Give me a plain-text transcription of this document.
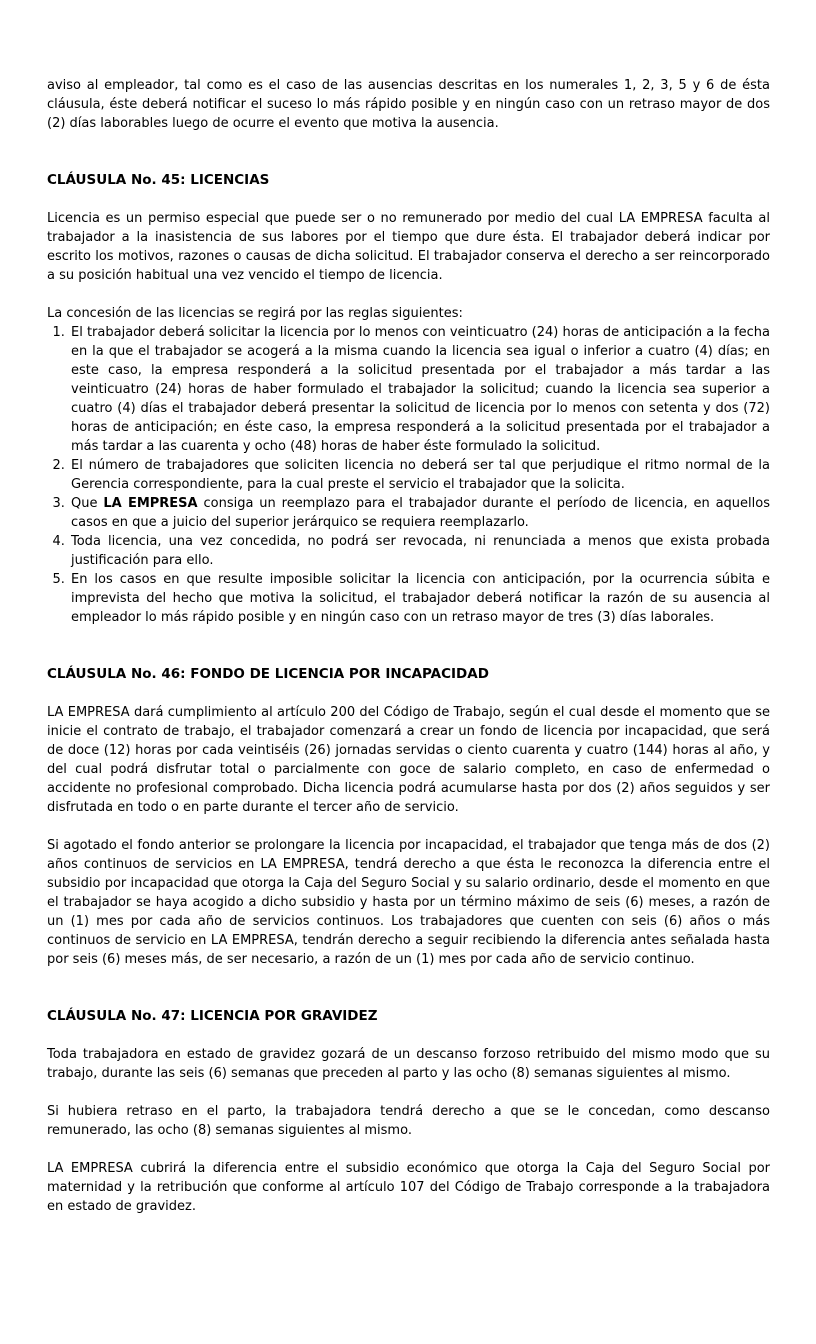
aviso al empleador, tal como es el caso de las ausencias descritas en los numerales 1, 2, 3, 5 y 6 de ésta cláusula, éste deberá notificar el suceso lo más rápido posible y en ningún caso con un retraso mayor de dos (2) días laborables luego de ocurre el evento que motiva la ausencia.

CLÁUSULA No. 45: LICENCIAS

Licencia es un permiso especial que puede ser o no remunerado por medio del cual LA EMPRESA faculta al trabajador a la inasistencia de sus labores por el tiempo que dure ésta. El trabajador deberá indicar por escrito los motivos, razones o causas de dicha solicitud. El trabajador conserva el derecho a ser reincorporado a su posición habitual una vez vencido el tiempo de licencia.

La concesión de las licencias se regirá por las reglas siguientes:

1. El trabajador deberá solicitar la licencia por lo menos con veinticuatro (24) horas de anticipación a la fecha en la que el trabajador se acogerá a la misma cuando la licencia sea igual o inferior a cuatro (4) días; en este caso, la empresa responderá a la solicitud presentada por el trabajador a más tardar a las veinticuatro (24) horas de haber formulado el trabajador la solicitud; cuando la licencia sea superior a cuatro (4) días el trabajador deberá presentar la solicitud de licencia por lo menos con setenta y dos (72) horas de anticipación; en éste caso, la empresa responderá a la solicitud presentada por el trabajador a más tardar a las cuarenta y ocho (48) horas de haber éste formulado la solicitud.
2. El número de trabajadores que soliciten licencia no deberá ser tal que perjudique el ritmo normal de la Gerencia correspondiente, para la cual preste el servicio el trabajador que la solicita.
3. Que LA EMPRESA consiga un reemplazo para el trabajador durante el período de licencia, en aquellos casos en que a juicio del superior jerárquico se requiera reemplazarlo.
4. Toda licencia, una vez concedida, no podrá ser revocada, ni renunciada a menos que exista probada justificación para ello.
5. En los casos en que resulte imposible solicitar la licencia con anticipación, por la ocurrencia súbita e imprevista del hecho que motiva la solicitud, el trabajador deberá notificar la razón de su ausencia al empleador lo más rápido posible y en ningún caso con un retraso mayor de tres (3) días laborales.
CLÁUSULA No. 46: FONDO DE LICENCIA POR INCAPACIDAD

LA EMPRESA dará cumplimiento al artículo 200 del Código de Trabajo, según el cual desde el momento que se inicie el contrato de trabajo, el trabajador comenzará a crear un fondo de licencia por incapacidad, que será de doce (12) horas por cada veintiséis (26) jornadas servidas o ciento cuarenta y cuatro (144) horas al año, y del cual podrá disfrutar total o parcialmente con goce de salario completo, en caso de enfermedad o accidente no profesional comprobado. Dicha licencia podrá acumularse hasta por dos (2) años seguidos y ser disfrutada en todo o en parte durante el tercer año de servicio.

Si agotado el fondo anterior se prolongare la licencia por incapacidad, el trabajador que tenga más de dos (2) años continuos de servicios en LA EMPRESA, tendrá derecho a que ésta le reconozca la diferencia entre el subsidio por incapacidad que otorga la Caja del Seguro Social y su salario ordinario, desde el momento en que el trabajador se haya acogido a dicho subsidio y hasta por un término máximo de seis (6) meses, a razón de un (1) mes por cada año de servicios continuos. Los trabajadores que cuenten con seis (6) años o más continuos de servicio en LA EMPRESA, tendrán derecho a seguir recibiendo la diferencia antes señalada hasta por seis (6) meses más, de ser necesario, a razón de un (1) mes por cada año de servicio continuo.

CLÁUSULA No. 47: LICENCIA POR GRAVIDEZ

Toda trabajadora en estado de gravidez gozará de un descanso forzoso retribuido del mismo modo que su trabajo, durante las seis (6) semanas que preceden al parto y las ocho (8) semanas siguientes al mismo.

Si hubiera retraso en el parto, la trabajadora tendrá derecho a que se le concedan, como descanso remunerado, las ocho (8) semanas siguientes al mismo.

LA EMPRESA cubrirá la diferencia entre el subsidio económico que otorga la Caja del Seguro Social por maternidad y la retribución que conforme al artículo 107 del Código de Trabajo corresponde a la trabajadora en estado de gravidez.
